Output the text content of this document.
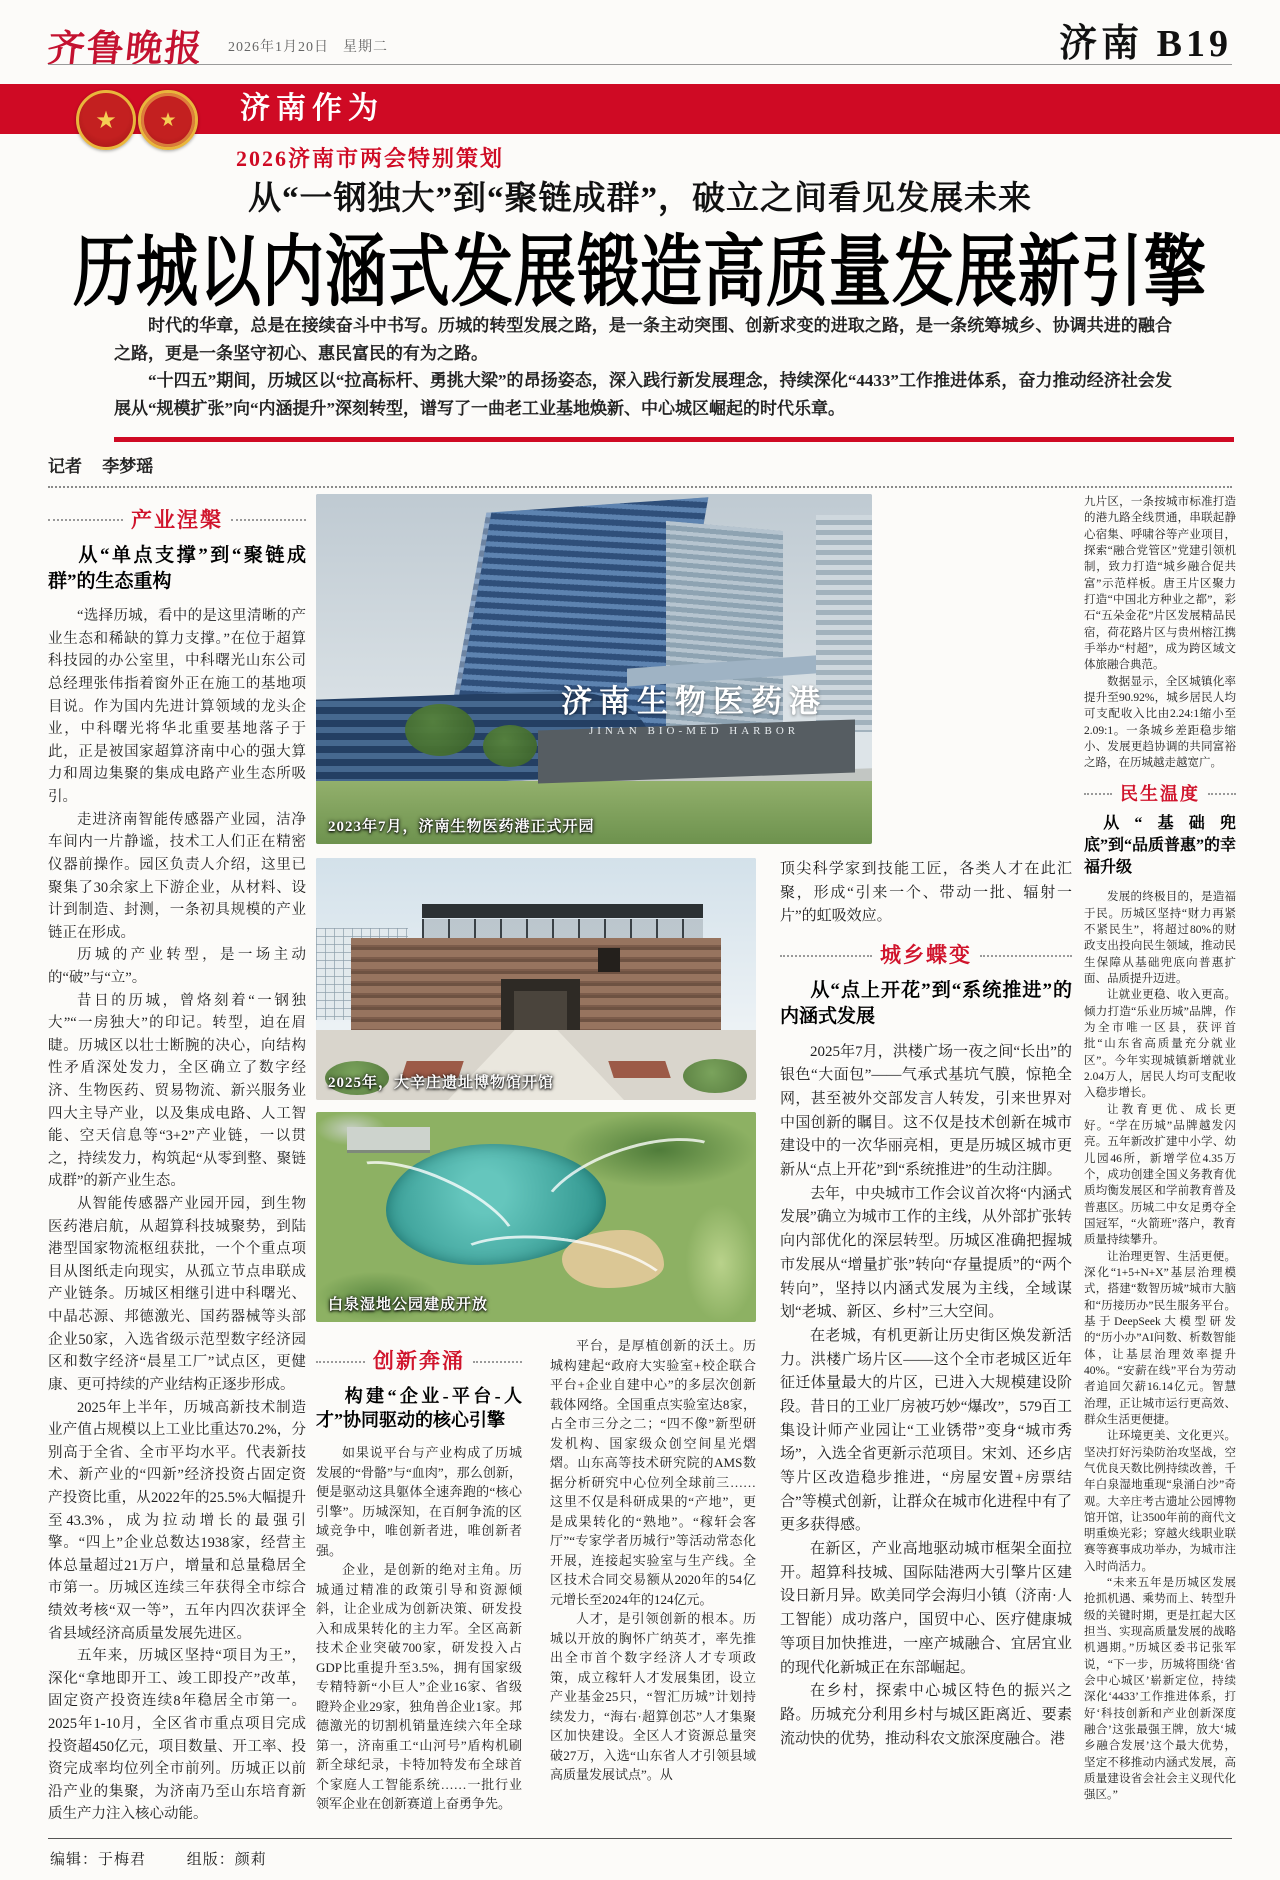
齐鲁晚报 2026年1月20日 星期二	济南 B19
★	★	济南作为
2026济南市两会特别策划
从“一钢独大”到“聚链成群”，破立之间看见发展未来
历城以内涵式发展锻造高质量发展新引擎

时代的华章，总是在接续奋斗中书写。历城的转型发展之路，是一条主动突围、创新求变的进取之路，是一条统筹城乡、协调共进的融合之路，更是一条坚守初心、惠民富民的有为之路。

“十四五”期间，历城区以“拉高标杆、勇挑大梁”的昂扬姿态，深入践行新发展理念，持续深化“4433”工作推进体系，奋力推动经济社会发展从“规模扩张”向“内涵提升”深刻转型，谱写了一曲老工业基地焕新、中心城区崛起的时代乐章。

记者 李梦瑶
产业涅槃
从“单点支撑”到“聚链成群”的生态重构

“选择历城，看中的是这里清晰的产业生态和稀缺的算力支撑。”在位于超算科技园的办公室里，中科曙光山东公司总经理张伟指着窗外正在施工的基地项目说。作为国内先进计算领域的龙头企业，中科曙光将华北重要基地落子于此，正是被国家超算济南中心的强大算力和周边集聚的集成电路产业生态所吸引。

走进济南智能传感器产业园，洁净车间内一片静谧，技术工人们正在精密仪器前操作。园区负责人介绍，这里已聚集了30余家上下游企业，从材料、设计到制造、封测，一条初具规模的产业链正在形成。

历城的产业转型，是一场主动的“破”与“立”。

昔日的历城，曾烙刻着“一钢独大”“一房独大”的印记。转型，迫在眉睫。历城区以壮士断腕的决心，向结构性矛盾深处发力，全区确立了数字经济、生物医药、贸易物流、新兴服务业四大主导产业，以及集成电路、人工智能、空天信息等“3+2”产业链，一以贯之，持续发力，构筑起“从零到整、聚链成群”的新产业生态。

从智能传感器产业园开园，到生物医药港启航，从超算科技城聚势，到陆港型国家物流枢纽获批，一个个重点项目从图纸走向现实，从孤立节点串联成产业链条。历城区相继引进中科曙光、中晶芯源、邦德激光、国药器械等头部企业50家，入选省级示范型数字经济园区和数字经济“晨星工厂”试点区，更健康、更可持续的产业结构正逐步形成。

2025年上半年，历城高新技术制造业产值占规模以上工业比重达70.2%，分别高于全省、全市平均水平。代表新技术、新产业的“四新”经济投资占固定资产投资比重，从2022年的25.5%大幅提升至43.3%，成为拉动增长的最强引擎。“四上”企业总数达1938家，经营主体总量超过21万户，增量和总量稳居全市第一。历城区连续三年获得全市综合绩效考核“双一等”，五年内四次获评全省县域经济高质量发展先进区。

五年来，历城区坚持“项目为王”，深化“拿地即开工、竣工即投产”改革，固定资产投资连续8年稳居全市第一。2025年1-10月，全区省市重点项目完成投资超450亿元，项目数量、开工率、投资完成率均位列全市前列。历城正以前沿产业的集聚，为济南乃至山东培育新质生产力注入核心动能。

济南生物医药港
JINAN BIO-MED HARBOR
2023年7月，济南生物医药港正式开园
2025年，大辛庄遗址博物馆开馆
白泉湿地公园建成开放
创新奔涌
构建“企业-平台-人才”协同驱动的核心引擎

如果说平台与产业构成了历城发展的“骨骼”与“血肉”，那么创新，便是驱动这具躯体全速奔跑的“核心引擎”。历城深知，在百舸争流的区域竞争中，唯创新者进，唯创新者强。

企业，是创新的绝对主角。历城通过精准的政策引导和资源倾斜，让企业成为创新决策、研发投入和成果转化的主力军。全区高新技术企业突破700家，研发投入占GDP比重提升至3.5%，拥有国家级专精特新“小巨人”企业16家、省级瞪羚企业29家，独角兽企业1家。邦德激光的切割机销量连续六年全球第一，济南重工“山河号”盾构机刷新全球纪录，卡特加特发布全球首个家庭人工智能系统……一批行业领军企业在创新赛道上奋勇争先。

平台，是厚植创新的沃土。历城构建起“政府大实验室+校企联合平台+企业自建中心”的多层次创新载体网络。全国重点实验室达8家，占全市三分之二；“四不像”新型研发机构、国家级众创空间星光熠熠。山东高等技术研究院的AMS数据分析研究中心位列全球前三……这里不仅是科研成果的“产地”，更是成果转化的“熟地”。“稼轩会客厅”“专家学者历城行”等活动常态化开展，连接起实验室与生产线。全区技术合同交易额从2020年的54亿元增长至2024年的124亿元。

人才，是引领创新的根本。历城以开放的胸怀广纳英才，率先推出全市首个数字经济人才专项政策，成立稼轩人才发展集团，设立产业基金25只，“智汇历城”计划持续发力，“海右·超算创芯”人才集聚区加快建设。全区人才资源总量突破27万，入选“山东省人才引领县域高质量发展试点”。从

顶尖科学家到技能工匠，各类人才在此汇聚，形成“引来一个、带动一批、辐射一片”的虹吸效应。

城乡蝶变
从“点上开花”到“系统推进”的内涵式发展

2025年7月，洪楼广场一夜之间“长出”的银色“大面包”——气承式基坑气膜，惊艳全网，甚至被外交部发言人转发，引来世界对中国创新的瞩目。这不仅是技术创新在城市建设中的一次华丽亮相，更是历城区城市更新从“点上开花”到“系统推进”的生动注脚。

去年，中央城市工作会议首次将“内涵式发展”确立为城市工作的主线，从外部扩张转向内部优化的深层转型。历城区准确把握城市发展从“增量扩张”转向“存量提质”的“两个转向”，坚持以内涵式发展为主线，全域谋划“老城、新区、乡村”三大空间。

在老城，有机更新让历史街区焕发新活力。洪楼广场片区——这个全市老城区近年征迁体量最大的片区，已进入大规模建设阶段。昔日的工业厂房被巧妙“爆改”，579百工集设计师产业园让“工业锈带”变身“城市秀场”，入选全省更新示范项目。宋刘、还乡店等片区改造稳步推进，“房屋安置+房票结合”等模式创新，让群众在城市化进程中有了更多获得感。

在新区，产业高地驱动城市框架全面拉开。超算科技城、国际陆港两大引擎片区建设日新月异。欧美同学会海归小镇（济南·人工智能）成功落户，国贸中心、医疗健康城等项目加快推进，一座产城融合、宜居宜业的现代化新城正在东部崛起。

在乡村，探索中心城区特色的振兴之路。历城充分利用乡村与城区距离近、要素流动快的优势，推动科农文旅深度融合。港

九片区，一条按城市标准打造的港九路全线贯通，串联起静心宿集、呼啸谷等产业项目，探索“融合党管区”党建引领机制，致力打造“城乡融合促共富”示范样板。唐王片区聚力打造“中国北方种业之都”，彩石“五朵金花”片区发展精品民宿，荷花路片区与贵州榕江携手举办“村超”，成为跨区域文体旅融合典范。

数据显示，全区城镇化率提升至90.92%，城乡居民人均可支配收入比由2.24:1缩小至2.09:1。一条城乡差距稳步缩小、发展更趋协调的共同富裕之路，在历城越走越宽广。

民生温度
从“基础兜底”到“品质普惠”的幸福升级

发展的终极目的，是造福于民。历城区坚持“财力再紧不紧民生”，将超过80%的财政支出投向民生领域，推动民生保障从基础兜底向普惠扩面、品质提升迈进。

让就业更稳、收入更高。倾力打造“乐业历城”品牌，作为全市唯一区县，获评首批“山东省高质量充分就业区”。今年实现城镇新增就业2.04万人，居民人均可支配收入稳步增长。

让教育更优、成长更好。“学在历城”品牌越发闪亮。五年新改扩建中小学、幼儿园46所，新增学位4.35万个，成功创建全国义务教育优质均衡发展区和学前教育普及普惠区。历城二中女足勇夺全国冠军，“火箭班”落户，教育质量持续攀升。

让治理更智、生活更便。深化“1+5+N+X”基层治理模式，搭建“数智历城”城市大脑和“历接历办”民生服务平台。基于DeepSeek大模型研发的“历小办”AI问数、析数智能体，让基层治理效率提升40%。“安薪在线”平台为劳动者追回欠薪16.14亿元。智慧治理，正让城市运行更高效、群众生活更便捷。

让环境更美、文化更兴。坚决打好污染防治攻坚战，空气优良天数比例持续改善，千年白泉湿地重现“泉涌白沙”奇观。大辛庄考古遗址公园博物馆开馆，让3500年前的商代文明重焕光彩；穿越火线职业联赛等赛事成功举办，为城市注入时尚活力。

“未来五年是历城区发展抢抓机遇、乘势而上、转型升级的关键时期，更是扛起大区担当、实现高质量发展的战略机遇期。”历城区委书记张军说，“下一步，历城将围绕‘省会中心城区’崭新定位，持续深化‘4433’工作推进体系，打好‘科技创新和产业创新深度融合’这张最强王牌，放大‘城乡融合发展’这个最大优势，坚定不移推动内涵式发展，高质量建设省会社会主义现代化强区。”

编辑：于梅君	组版：颜莉
